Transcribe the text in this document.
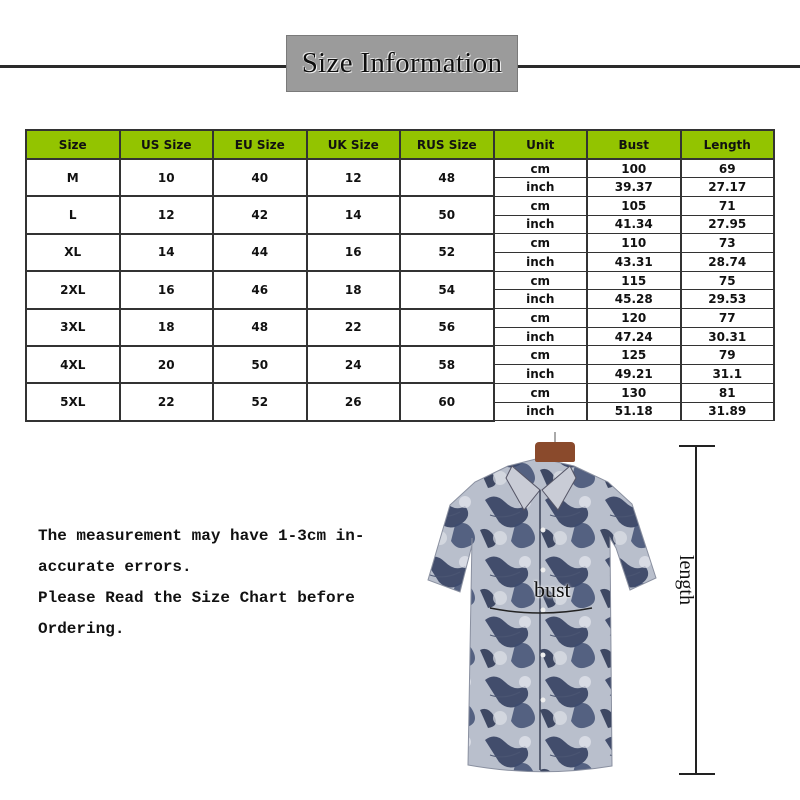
Size Information
Size	US Size	EU Size	UK Size	RUS Size	Unit	Bust	Length
M	10	40	12	48	cm	100	69
					inch	39.37	27.17
L	12	42	14	50	cm	105	71
					inch	41.34	27.95
XL	14	44	16	52	cm	110	73
					inch	43.31	28.74
2XL	16	46	18	54	cm	115	75
					inch	45.28	29.53
3XL	18	48	22	56	cm	120	77
					inch	47.24	30.31
4XL	20	50	24	58	cm	125	79
					inch	49.21	31.1
5XL	22	52	26	60	cm	130	81
					inch	51.18	31.89
The measurement may have 1-3cm in-
accurate errors.
Please Read the Size Chart before
Ordering.
bust	length
